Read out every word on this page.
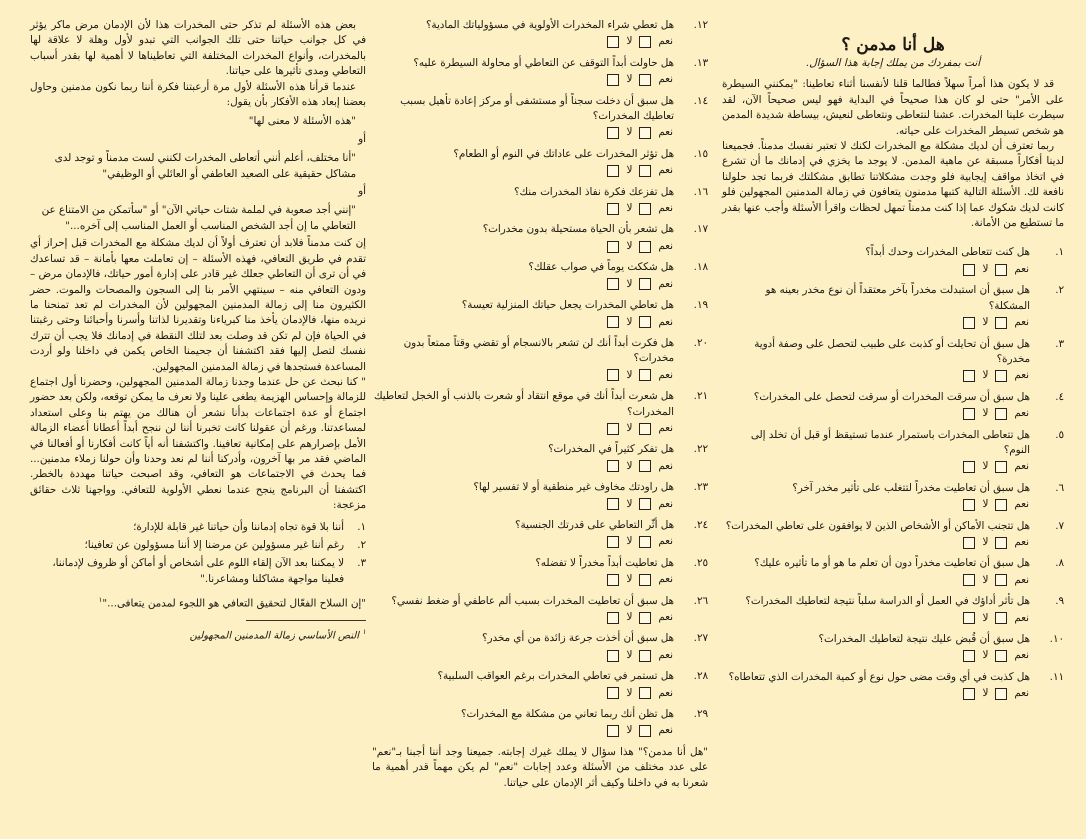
هل أنا مدمن ؟
أنت بمفردك من يملك إجابة هذا السؤال.

قد لا يكون هذا أمراً سهلاً فطالما قلنا لأنفسنا أثناء تعاطينا: "يمكنني السيطرة على الأمر" حتى لو كان هذا صحيحاً في البداية فهو ليس صحيحاً الآن، لقد سيطرت علينا المخدرات. عشنا لنتعاطى ونتعاطى لنعيش، بيساطة شديدة المدمن هو شخص تسيطر المخدرات على حياته.

ربما تعترف أن لديك مشكلة مع المخدرات لكنك لا تعتبر نفسك مدمناً. فجميعنا لدينا أفكاراً مسبقة عن ماهية المدمن. لا يوجد ما يخزي في إدمانك ما أن تشرع في اتخاذ مواقف إيجابية فلو وجدت مشكلاتنا تطابق مشكلتك فربما تجد حلولنا نافعة لك. الأسئلة التالية كتبها مدمنون يتعافون في زمالة المدمنين المجهولين فلو كانت لديك شكوك عما إذا كنت مدمناً تمهل لحظات واقرأ الأسئلة وأجب عنها بقدر ما تستطيع من الأمانة.

١.
هل كنت تتعاطى المخدرات وحدك أبداً؟
نعم
لا
٢.
هل سبق أن استبدلت مخدراً بآخر معتقداً أن نوع مخدر بعينه هو المشكلة؟
نعم
لا
٣.
هل سبق أن تحايلت أو كذبت على طبيب لتحصل على وصفة أدوية مخدرة؟
نعم
لا
٤.
هل سبق أن سرقت المخدرات أو سرقت لتحصل على المخدرات؟
نعم
لا
٥.
هل تتعاطى المخدرات باستمرار عندما تستيقظ أو قبل أن تخلد إلى النوم؟
نعم
لا
٦.
هل سبق أن تعاطيت مخدراً لتتغلب على تأثير مخدر آخر؟
نعم
لا
٧.
هل تتجنب الأماكن أو الأشخاص الذين لا يوافقون على تعاطي المخدرات؟
نعم
لا
٨.
هل سبق أن تعاطيت مخدراً دون أن تعلم ما هو أو ما تأثيره عليك؟
نعم
لا
٩.
هل تأثر أداؤك في العمل أو الدراسة سلباً نتيجة لتعاطيك المخدرات؟
نعم
لا
١٠.
هل سبق أن قُبض عليك نتيجة لتعاطيك المخدرات؟
نعم
لا
١١.
هل كذبت في أي وقت مضى حول نوع أو كمية المخدرات الذي تتعاطاه؟
نعم
لا
١٢.
هل تعطي شراء المخدرات الأولوية في مسؤولياتك المادية؟
نعم
لا
١٣.
هل حاولت أبداً التوقف عن التعاطي أو محاولة السيطرة عليه؟
نعم
لا
١٤.
هل سبق أن دخلت سجناً أو مستشفى أو مركز إعادة تأهيل بسبب تعاطيك المخدرات؟
نعم
لا
١٥.
هل تؤثر المخدرات على عاداتك في النوم أو الطعام؟
نعم
لا
١٦.
هل تفزعك فكرة نفاذ المخدرات منك؟
نعم
لا
١٧.
هل تشعر بأن الحياة مستحيلة بدون مخدرات؟
نعم
لا
١٨.
هل شككت يوماً في صواب عقلك؟
نعم
لا
١٩.
هل تعاطي المخدرات يجعل حياتك المنزلية تعيسة؟
نعم
لا
٢٠.
هل فكرت أبداً أنك لن تشعر بالانسجام أو تقضي وقتاً ممتعاً بدون مخدرات؟
نعم
لا
٢١.
هل شعرت أبداً أنك في موقع انتقاد أو شعرت بالذنب أو الخجل لتعاطيك المخدرات؟
نعم
لا
٢٢.
هل تفكر كثيراً في المخدرات؟
نعم
لا
٢٣.
هل راودتك مخاوف غير منطقية أو لا تفسير لها؟
نعم
لا
٢٤.
هل أثّر التعاطي على قدرتك الجنسية؟
نعم
لا
٢٥.
هل تعاطيت أبداً مخدراً لا تفضله؟
نعم
لا
٢٦.
هل سبق أن تعاطيت المخدرات بسبب ألم عاطفي أو ضغط نفسي؟
نعم
لا
٢٧.
هل سبق أن أخذت جرعة زائدة من أي مخدر؟
نعم
لا
٢٨.
هل تستمر في تعاطي المخدرات برغم العواقب السلبية؟
نعم
لا
٢٩.
هل تظن أنك ربما تعاني من مشكلة مع المخدرات؟
نعم
لا

"هل أنا مدمن؟" هذا سؤال لا يملك غيرك إجابته. جميعنا وجد أننا أجبنا بـ"نعم" على عدد مختلف من الأسئلة وعدد إجابات "نعم" لم يكن مهماً قدر أهمية ما شعرنا به في داخلنا وكيف أثر الإدمان على حياتنا.

بعض هذه الأسئلة لم تذكر حتى المخدرات هذا لأن الإدمان مرض ماكر يؤثر في كل جوانب حياتنا حتى تلك الجوانب التي تبدو لأول وهلة لا علاقة لها بالمخدرات، وأنواع المخدرات المختلفة التي تعاطيناها لا أهمية لها بقدر أسباب التعاطي ومدى تأثيرها على حياتنا.

عندما قرأنا هذه الأسئلة لأول مرة أرعبتنا فكرة أننا ربما نكون مدمنين وحاول بعضنا إبعاد هذه الأفكار بأن يقول:

"هذه الأسئلة لا معنى لها"
أو
"أنا مختلف، أعلم أنني أتعاطى المخدرات لكنني لست مدمناً و توجد لدى مشاكل حقيقية على الصعيد العاطفي أو العائلي أو الوظيفي"
أو
"إنني أجد صعوبة في لملمة شتات حياتي الآن" أو "سأتمكن من الامتناع عن التعاطي ما إن أجد الشخص المناسب أو العمل المناسب إلى آخره..."

إن كنت مدمناً فلابد أن تعترف أولاً أن لديك مشكلة مع المخدرات قبل إحراز أي تقدم في طريق التعافي، فهذه الأسئلة – إن تعاملت معها بأمانة – قد تساعدك في أن ترى أن التعاطي جعلك غير قادر على إدارة أمور حياتك، فالإدمان مرض – ودون التعافي منه – سينتهي الأمر بنا إلى السجون والمصحات والموت. حضر الكثيرون منا إلى زمالة المدمنين المجهولين لأن المخدرات لم تعد تمنحنا ما نريده منها، فالإدمان يأخذ منا كبرياءنا وتقديرنا لذاتنا وأسرنا وأحبائنا وحتى رغبتنا في الحياة فإن لم تكن قد وصلت بعد لتلك النقطة في إدمانك فلا يجب أن تترك نفسك لتصل إليها فقد اكتشفنا أن جحيمنا الخاص يكمن في داخلنا ولو أردت المساعدة فستجدها في زمالة المدمنين المجهولين.

" كنا نبحث عن حل عندما وجدنا زمالة المدمنين المجهولين، وحضرنا أول اجتماع للزمالة وإحساس الهزيمة يطغى علينا ولا نعرف ما يمكن توقعه، ولكن بعد حضور اجتماع أو عدة اجتماعات بدأنا نشعر أن هنالك من يهتم بنا وعلى استعداد لمساعدتنا. ورغم أن عقولنا كانت تخبرنا أننا لن ننجح أبداً أعطانا أعضاء الزمالة الأمل بإصرارهم على إمكانية تعافينا. واكتشفنا أنه أياً كانت أفكارنا أو أفعالنا في الماضي فقد مر بها آخرون، وأدركنا أننا لم نعد وحدنا وأن حولنا زملاء مدمنين... فما يحدث في الاجتماعات هو التعافي، وقد اصبحت حياتنا مهددة بالخطر. اكتشفنا أن البرنامج ينجح عندما نعطي الأولوية للتعافي. وواجهنا ثلاث حقائق مزعجة:

١.
أننا بلا قوة تجاه إدماننا وأن حياتنا غير قابلة للإدارة؛
٢.
رغم أننا غير مسؤولين عن مرضنا إلا أننا مسؤولون عن تعافينا؛
٣.
لا يمكننا بعد الآن إلقاء اللوم على أشخاص أو أماكن أو ظروف لإدماننا، فعلينا مواجهة مشاكلنا ومشاعرنا."

"إن السلاح الفعّال لتحقيق التعافي هو اللجوء لمدمن يتعافى..."$^١$

$^١$ النص الأساسي زمالة المدمنين المجهولين
